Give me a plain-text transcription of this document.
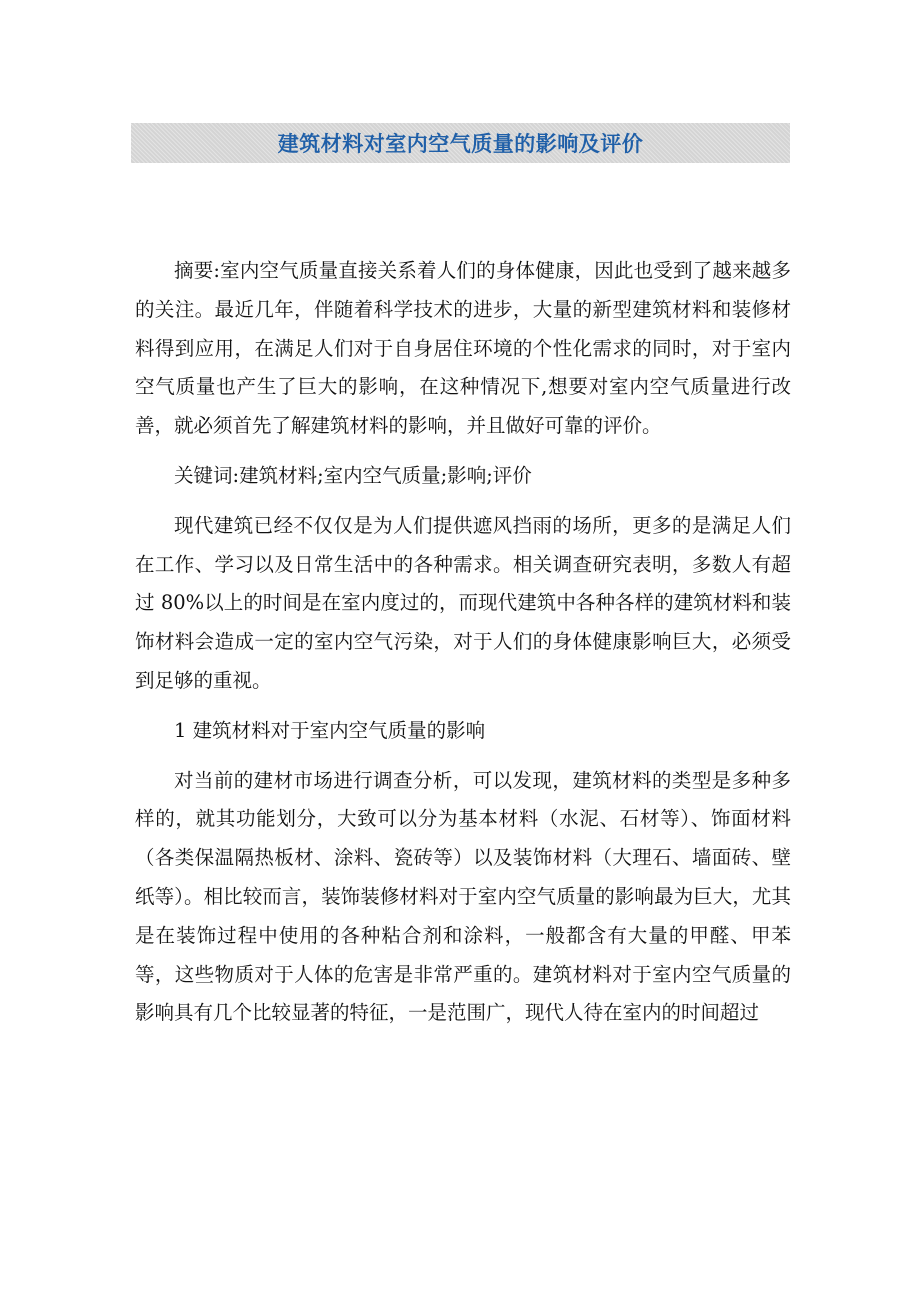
建筑材料对室内空气质量的影响及评价

摘要:室内空气质量直接关系着人们的身体健康，因此也受到了越来越多的关注。最近几年，伴随着科学技术的进步，大量的新型建筑材料和装修材料得到应用，在满足人们对于自身居住环境的个性化需求的同时，对于室内空气质量也产生了巨大的影响，在这种情况下,想要对室内空气质量进行改善，就必须首先了解建筑材料的影响，并且做好可靠的评价。

关键词:建筑材料;室内空气质量;影响;评价

现代建筑已经不仅仅是为人们提供遮风挡雨的场所，更多的是满足人们在工作、学习以及日常生活中的各种需求。相关调查研究表明，多数人有超过 80%以上的时间是在室内度过的，而现代建筑中各种各样的建筑材料和装饰材料会造成一定的室内空气污染，对于人们的身体健康影响巨大，必须受到足够的重视。

1 建筑材料对于室内空气质量的影响

对当前的建材市场进行调查分析，可以发现，建筑材料的类型是多种多样的，就其功能划分，大致可以分为基本材料（水泥、石材等）、饰面材料（各类保温隔热板材、涂料、瓷砖等）以及装饰材料（大理石、墙面砖、壁纸等）。相比较而言，装饰装修材料对于室内空气质量的影响最为巨大，尤其是在装饰过程中使用的各种粘合剂和涂料，一般都含有大量的甲醛、甲苯等，这些物质对于人体的危害是非常严重的。建筑材料对于室内空气质量的影响具有几个比较显著的特征，一是范围广，现代人待在室内的时间超过
